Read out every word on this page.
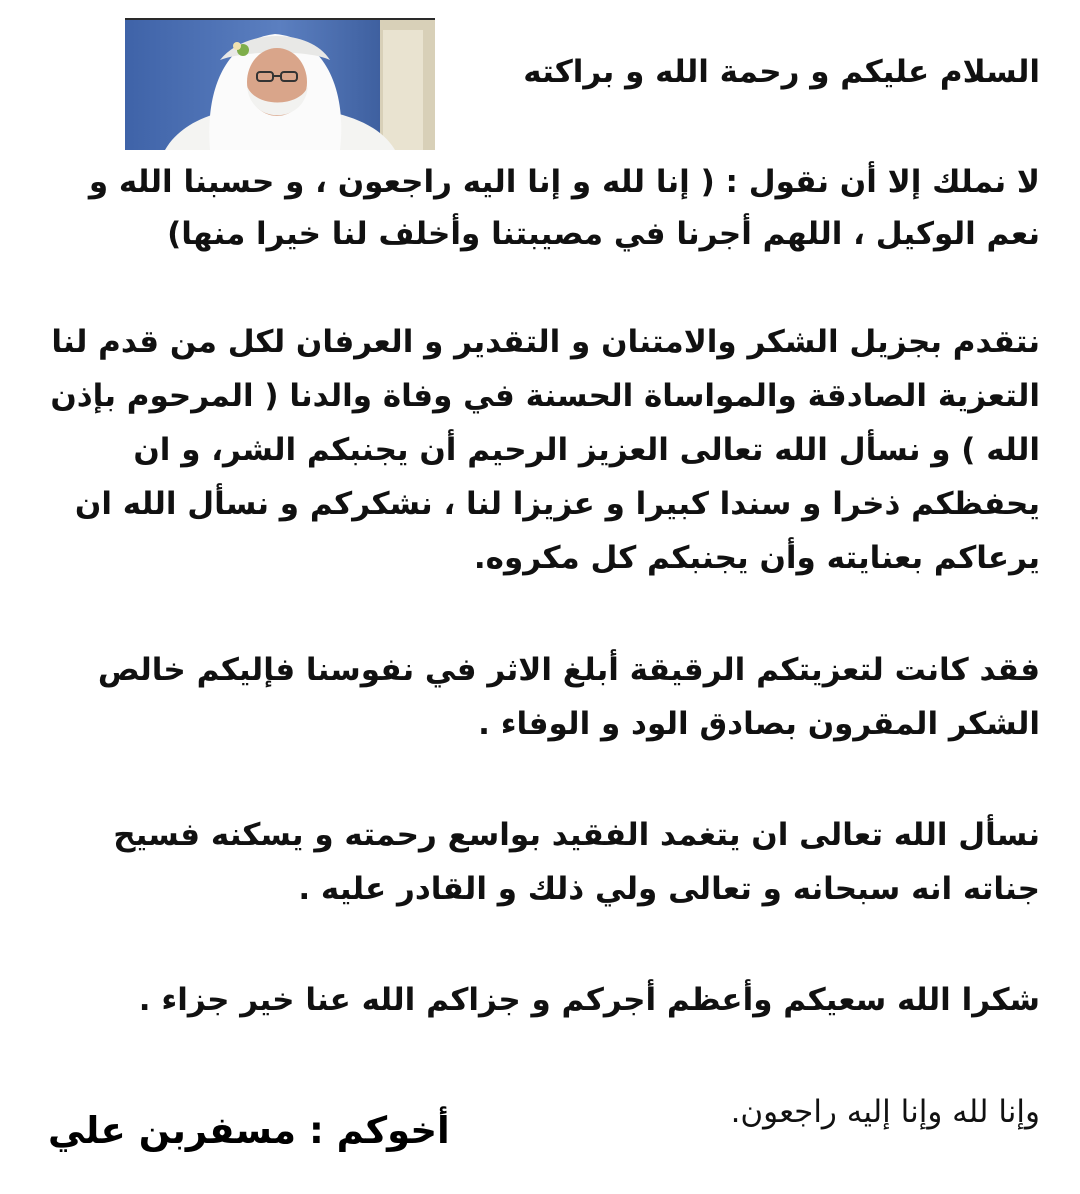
السلام عليكم و رحمة الله و براكته
لا نملك إلا أن نقول : ( إنا لله و إنا اليه راجعون ، و حسبنا الله و
نعم الوكيل ، اللهم أجرنا في مصيبتنا وأخلف لنا خيرا منها)
نتقدم بجزيل الشكر والامتنان و التقدير و العرفان لكل من قدم لنا
التعزية الصادقة والمواساة الحسنة في وفاة والدنا ( المرحوم بإذن
الله ) و نسأل الله تعالى العزيز الرحيم أن يجنبكم الشر، و ان
يحفظكم ذخرا و سندا كبيرا و عزيزا لنا ، نشكركم و نسأل الله ان
يرعاكم بعنايته وأن يجنبكم كل مكروه.
فقد كانت لتعزيتكم الرقيقة أبلغ الاثر في نفوسنا فإليكم خالص
الشكر المقرون بصادق الود و الوفاء .
نسأل الله تعالى ان يتغمد الفقيد بواسع رحمته و يسكنه فسيح
جناته انه سبحانه و تعالى ولي ذلك و القادر عليه .
شكرا الله سعيكم وأعظم أجركم و جزاكم الله عنا خير جزاء .
وإنا لله وإنا إليه راجعون.
أخوكم : مسفربن علي
